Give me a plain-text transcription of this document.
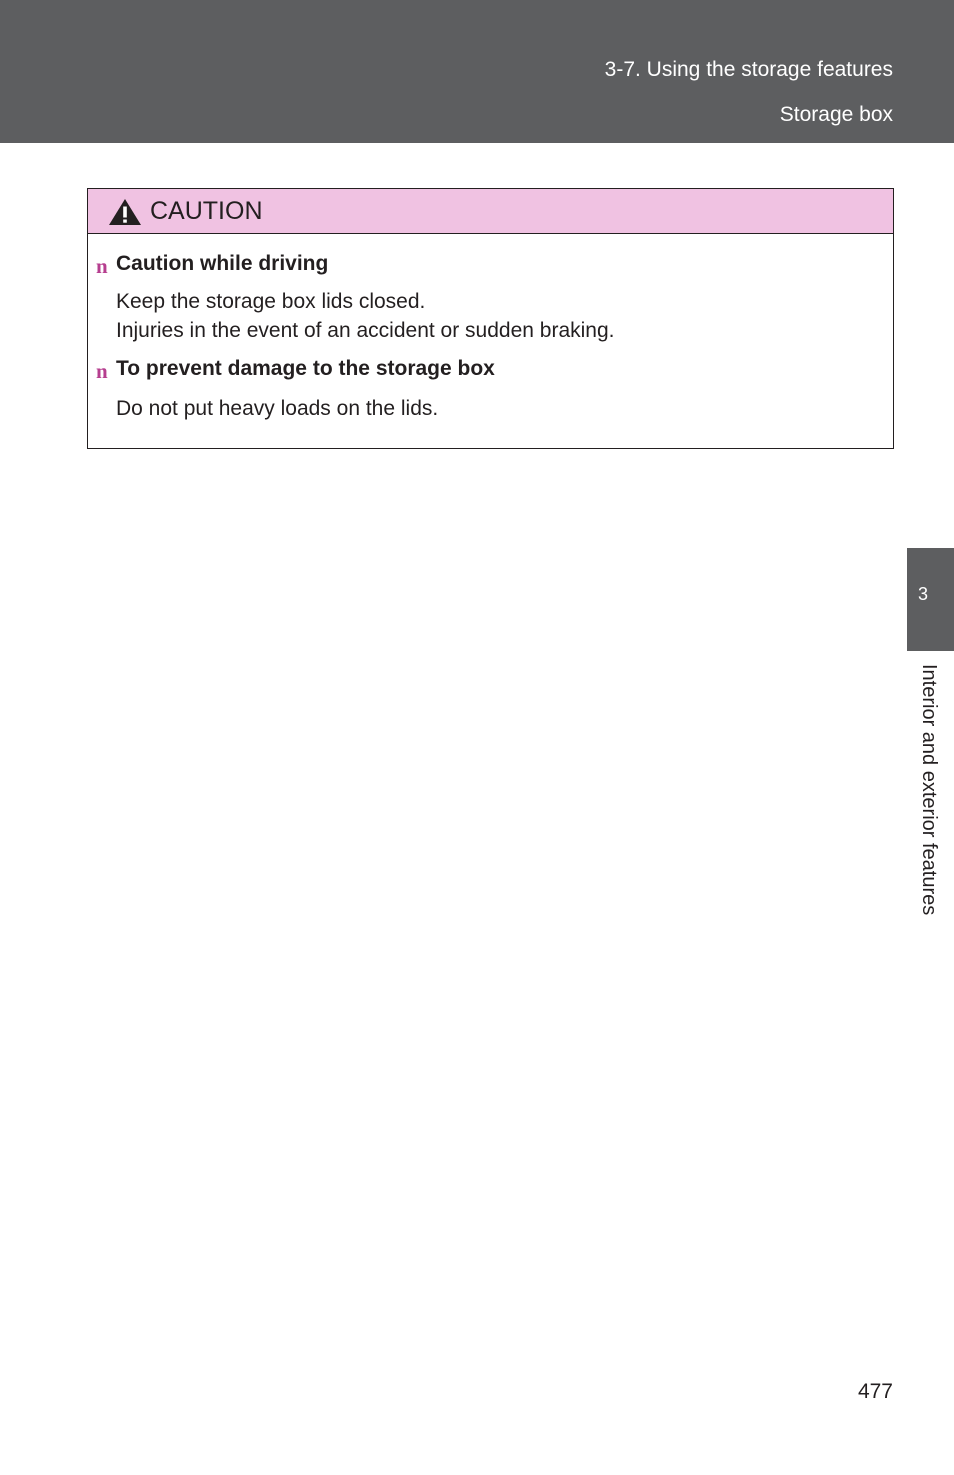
3-7. Using the storage features
Storage box
CAUTION
n Caution while driving
Keep the storage box lids closed.
Injuries in the event of an accident or sudden braking.
n To prevent damage to the storage box
Do not put heavy loads on the lids.
3
Interior and exterior features
477
